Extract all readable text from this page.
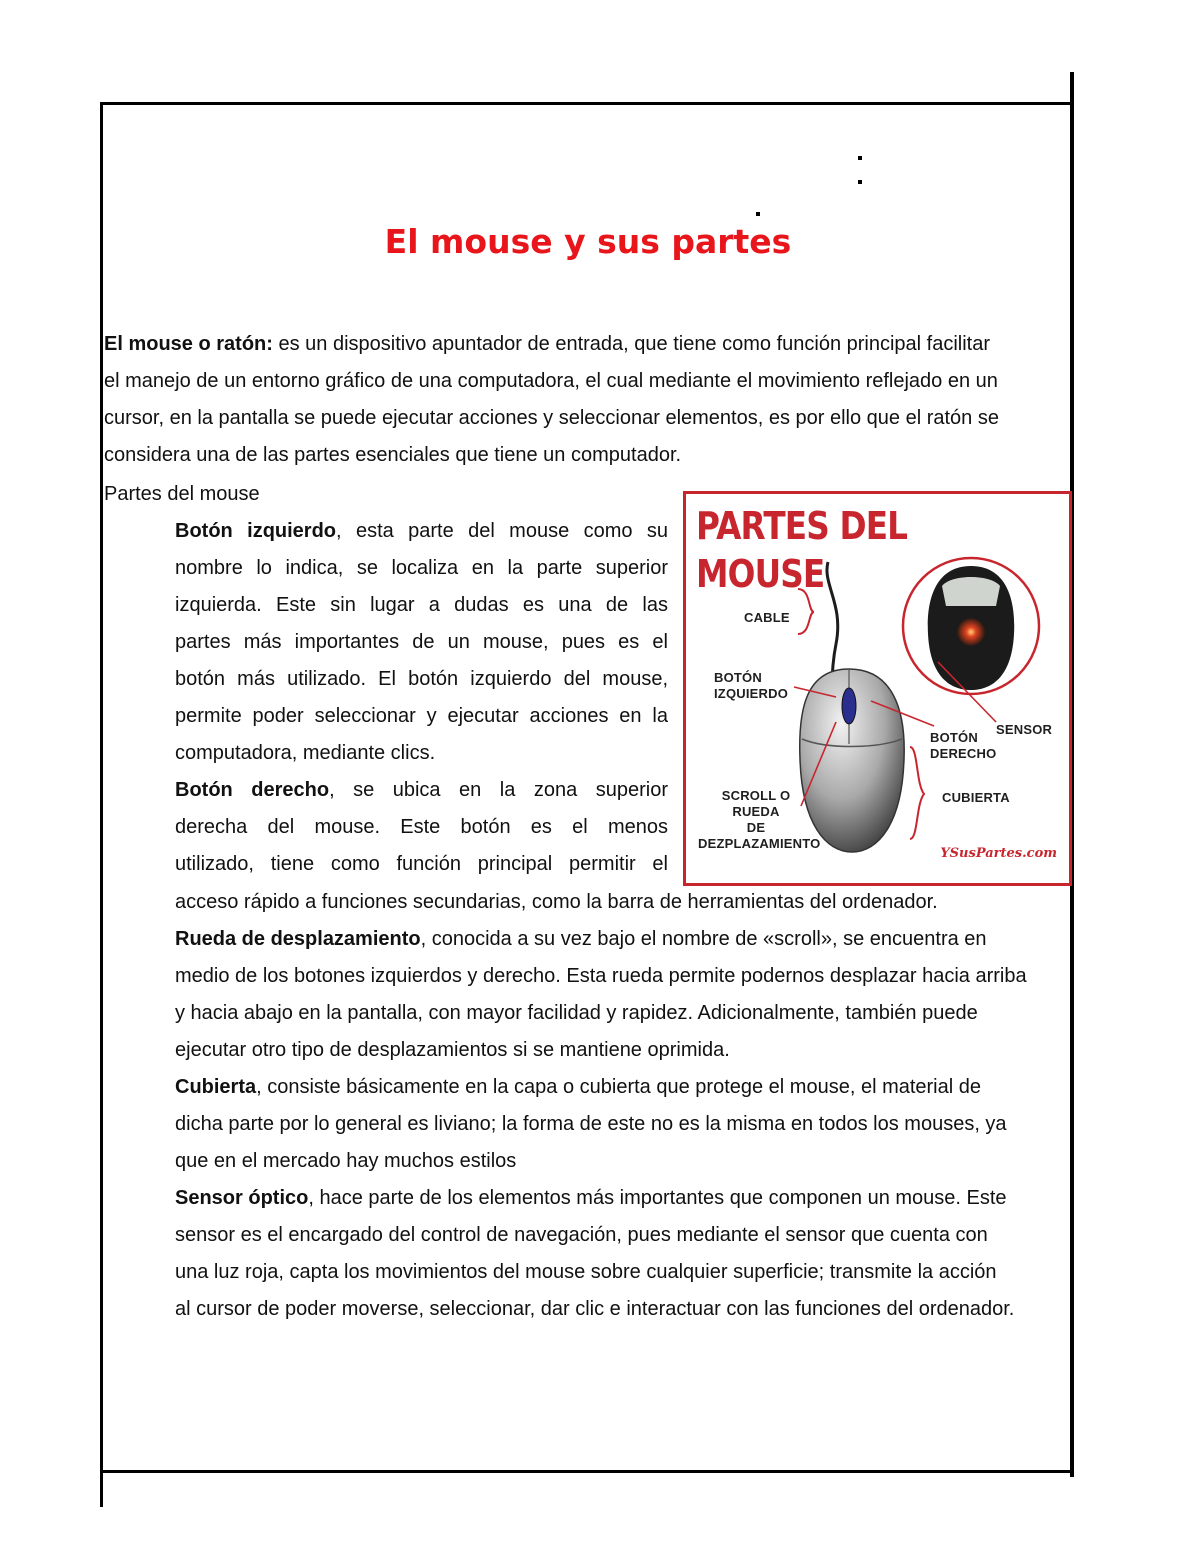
El mouse y sus partes

El mouse o ratón: es un dispositivo apuntador de entrada, que tiene como función principal facilitar

el manejo de un entorno gráfico de una computadora, el cual mediante el movimiento reflejado en un

cursor, en la pantalla se puede ejecutar acciones y seleccionar elementos, es por ello que el ratón se

considera una de las partes esenciales que tiene un computador.

Partes del mouse

Botón izquierdo, esta parte del mouse como su

nombre lo indica, se localiza en la parte superior

izquierda. Este sin lugar a dudas es una de las

partes más importantes de un mouse, pues es el

botón más utilizado. El botón izquierdo del mouse,

permite poder seleccionar y ejecutar acciones en la

computadora, mediante clics.

Botón derecho, se ubica en la zona superior

derecha del mouse. Este botón es el menos

utilizado, tiene como función principal permitir el

acceso rápido a funciones secundarias, como la barra de herramientas del ordenador.

Rueda de desplazamiento, conocida a su vez bajo el nombre de «scroll», se encuentra en

medio de los botones izquierdos y derecho. Esta rueda permite podernos desplazar hacia arriba

y hacia abajo en la pantalla, con mayor facilidad y rapidez. Adicionalmente, también puede

ejecutar otro tipo de desplazamientos si se mantiene oprimida.

Cubierta, consiste básicamente en la capa o cubierta que protege el mouse, el material de

dicha parte por lo general es liviano; la forma de este no es la misma en todos los mouses, ya

que en el mercado hay muchos estilos

Sensor óptico, hace parte de los elementos más importantes que componen un mouse. Este

sensor es el encargado del control de navegación, pues mediante el sensor que cuenta con

una luz roja, capta los movimientos del mouse sobre cualquier superficie; transmite la acción

al cursor de poder moverse, seleccionar, dar clic e interactuar con las funciones del ordenador.

PARTES DEL MOUSE
CABLE
BOTÓN
IZQUIERDO
SENSOR
BOTÓN
DERECHO
CUBIERTA
SCROLL O RUEDA
DE
DEZPLAZAMIENTO
YSusPartes.com
